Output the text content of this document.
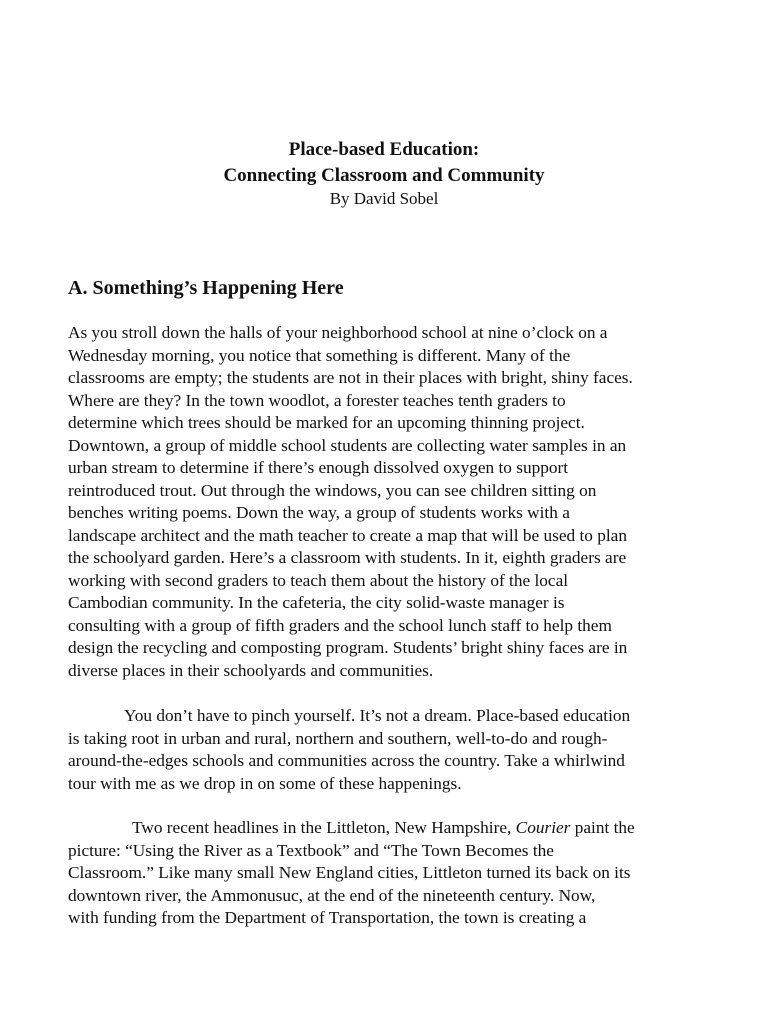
Place-based Education:
Connecting Classroom and Community
By David Sobel
A. Something’s Happening Here
As you stroll down the halls of your neighborhood school at nine o’clock on a
Wednesday morning, you notice that something is different. Many of the
classrooms are empty; the students are not in their places with bright, shiny faces.
Where are they? In the town woodlot, a forester teaches tenth graders to
determine which trees should be marked for an upcoming thinning project.
Downtown, a group of middle school students are collecting water samples in an
urban stream to determine if there’s enough dissolved oxygen to support
reintroduced trout. Out through the windows, you can see children sitting on
benches writing poems. Down the way, a group of students works with a
landscape architect and the math teacher to create a map that will be used to plan
the schoolyard garden. Here’s a classroom with students. In it, eighth graders are
working with second graders to teach them about the history of the local
Cambodian community. In the cafeteria, the city solid-waste manager is
consulting with a group of fifth graders and the school lunch staff to help them
design the recycling and composting program. Students’ bright shiny faces are in
diverse places in their schoolyards and communities.
You don’t have to pinch yourself. It’s not a dream. Place-based education
is taking root in urban and rural, northern and southern, well-to-do and rough-
around-the-edges schools and communities across the country. Take a whirlwind
tour with me as we drop in on some of these happenings.
Two recent headlines in the Littleton, New Hampshire, Courier paint the
picture: “Using the River as a Textbook” and “The Town Becomes the
Classroom.” Like many small New England cities, Littleton turned its back on its
downtown river, the Ammonusuc, at the end of the nineteenth century. Now,
with funding from the Department of Transportation, the town is creating a
